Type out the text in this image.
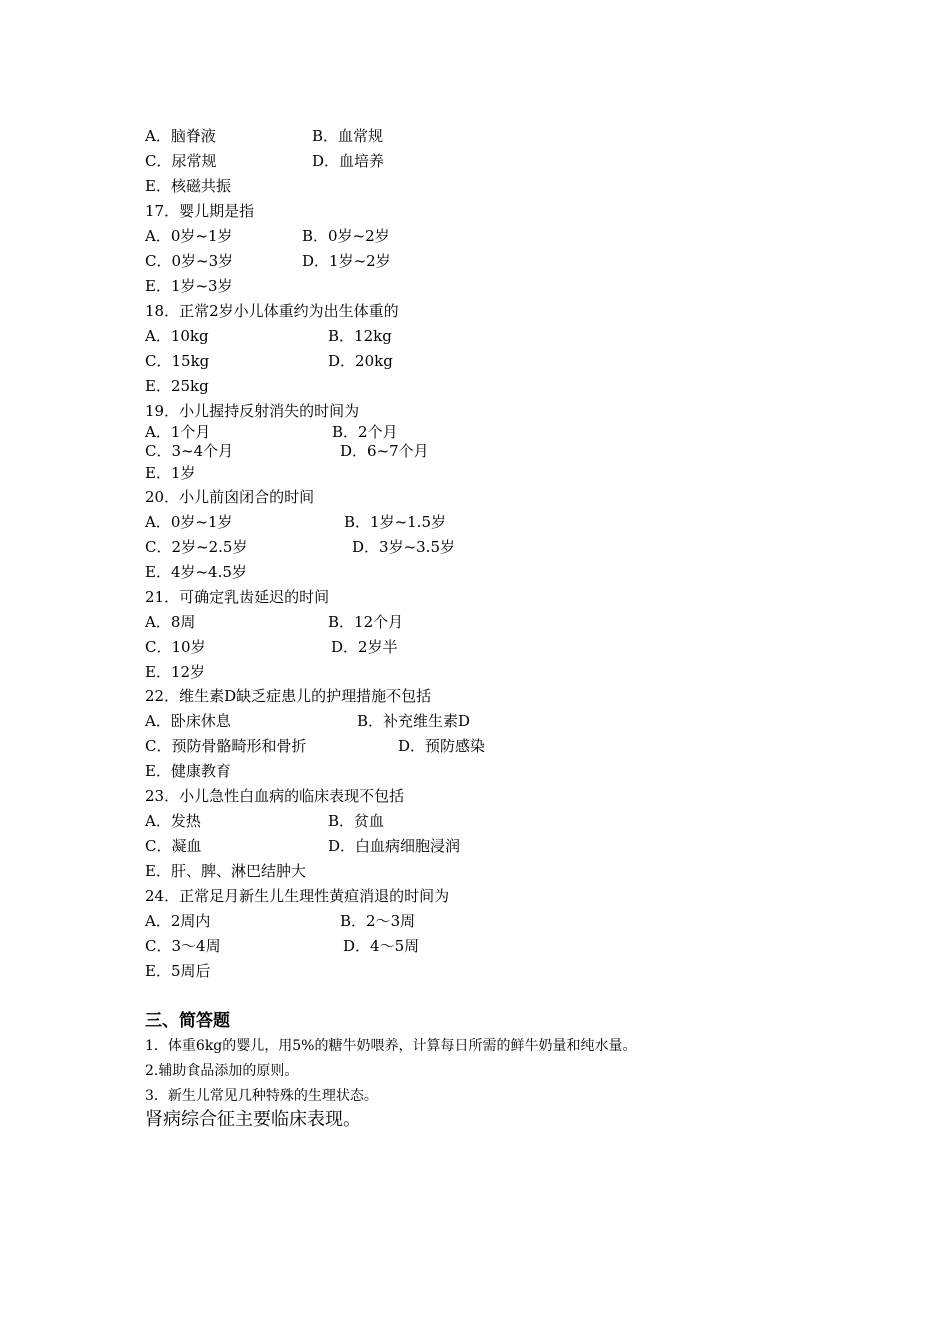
A．脑脊液	B．血常规
C．尿常规	D．血培养
E．核磁共振
17．婴儿期是指
A．0岁~1岁	B．0岁~2岁
C．0岁~3岁	D．1岁~2岁
E．1岁~3岁
18．正常2岁小儿体重约为出生体重的
A．10kg	B．12kg
C．15kg	D．20kg
E．25kg
19．小儿握持反射消失的时间为
A．1个月	B．2个月
C．3~4个月	D．6~7个月
E．1岁
20．小儿前囟闭合的时间
A．0岁~1岁	B．1岁~1.5岁
C．2岁~2.5岁	D．3岁~3.5岁
E．4岁~4.5岁
21．可确定乳齿延迟的时间
A．8周	B．12个月
C．10岁	D．2岁半
E．12岁
22．维生素D缺乏症患儿的护理措施不包括
A．卧床休息	B．补充维生素D
C．预防骨骼畸形和骨折	D．预防感染
E．健康教育
23．小儿急性白血病的临床表现不包括
A．发热	B．贫血
C．凝血	D．白血病细胞浸润
E．肝、脾、淋巴结肿大
24．正常足月新生儿生理性黄疸消退的时间为
A．2周内	B．2～3周
C．3～4周	D．4～5周
E．5周后
三、简答题
1．体重6kg的婴儿，用5%的糖牛奶喂养，计算每日所需的鲜牛奶量和纯水量。
2.辅助食品添加的原则。
3．新生儿常见几种特殊的生理状态。
肾病综合征主要临床表现。
